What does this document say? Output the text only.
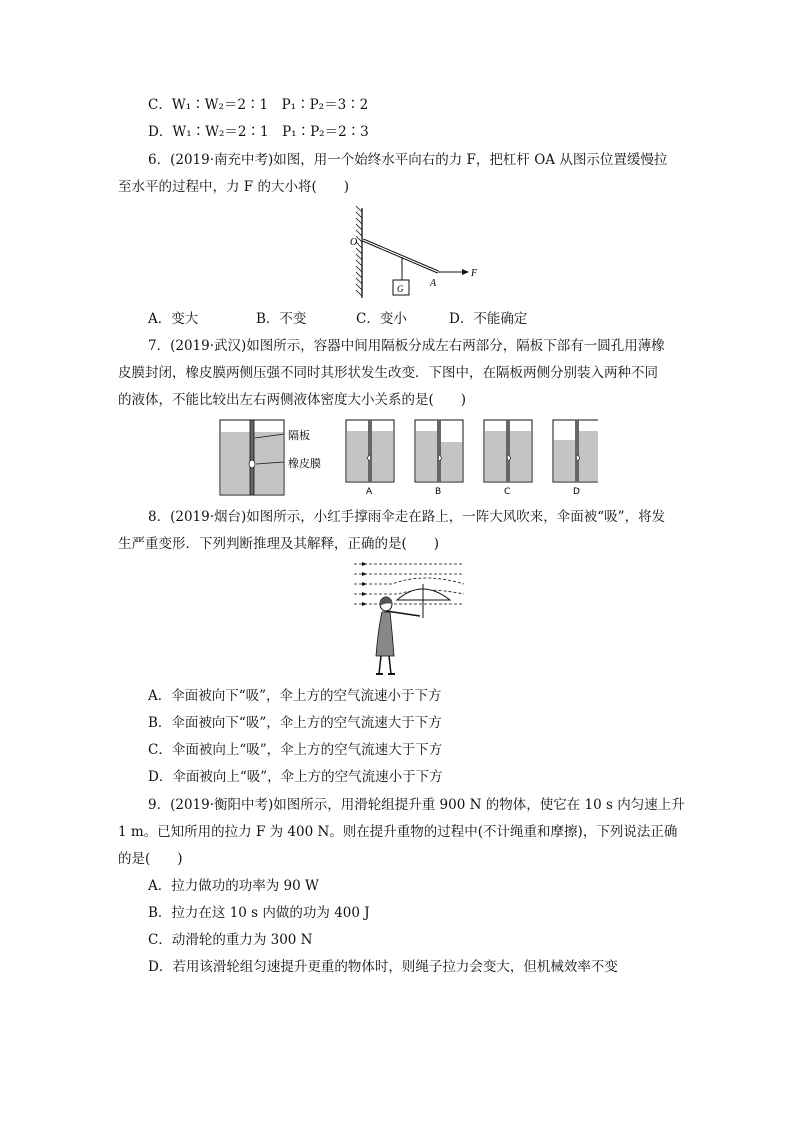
C．W₁∶W₂＝2∶1　P₁∶P₂＝3∶2
D．W₁∶W₂＝2∶1　P₁∶P₂＝2∶3
6．(2019·南充中考)如图，用一个始终水平向右的力 F，把杠杆 OA 从图示位置缓慢拉
至水平的过程中，力 F 的大小将(　　)
O
A
F
G
A．变大	B．不变	C．变小	D．不能确定
7．(2019·武汉)如图所示，容器中间用隔板分成左右两部分，隔板下部有一圆孔用薄橡
皮膜封闭，橡皮膜两侧压强不同时其形状发生改变．下图中，在隔板两侧分别装入两种不同
的液体，不能比较出左右两侧液体密度大小关系的是(　　)
隔板
橡皮膜
A	B	C	D
8．(2019·烟台)如图所示，小红手撑雨伞走在路上，一阵大风吹来，伞面被“吸”，将发
生严重变形．下列判断推理及其解释，正确的是(　　)
A．伞面被向下“吸”，伞上方的空气流速小于下方
B．伞面被向下“吸”，伞上方的空气流速大于下方
C．伞面被向上“吸”，伞上方的空气流速大于下方
D．伞面被向上“吸”，伞上方的空气流速小于下方
9．(2019·衡阳中考)如图所示，用滑轮组提升重 900 N 的物体，使它在 10 s 内匀速上升
1 m。已知所用的拉力 F 为 400 N。则在提升重物的过程中(不计绳重和摩擦)，下列说法正确
的是(　　)
A．拉力做功的功率为 90 W
B．拉力在这 10 s 内做的功为 400 J
C．动滑轮的重力为 300 N
D．若用该滑轮组匀速提升更重的物体时，则绳子拉力会变大，但机械效率不变
